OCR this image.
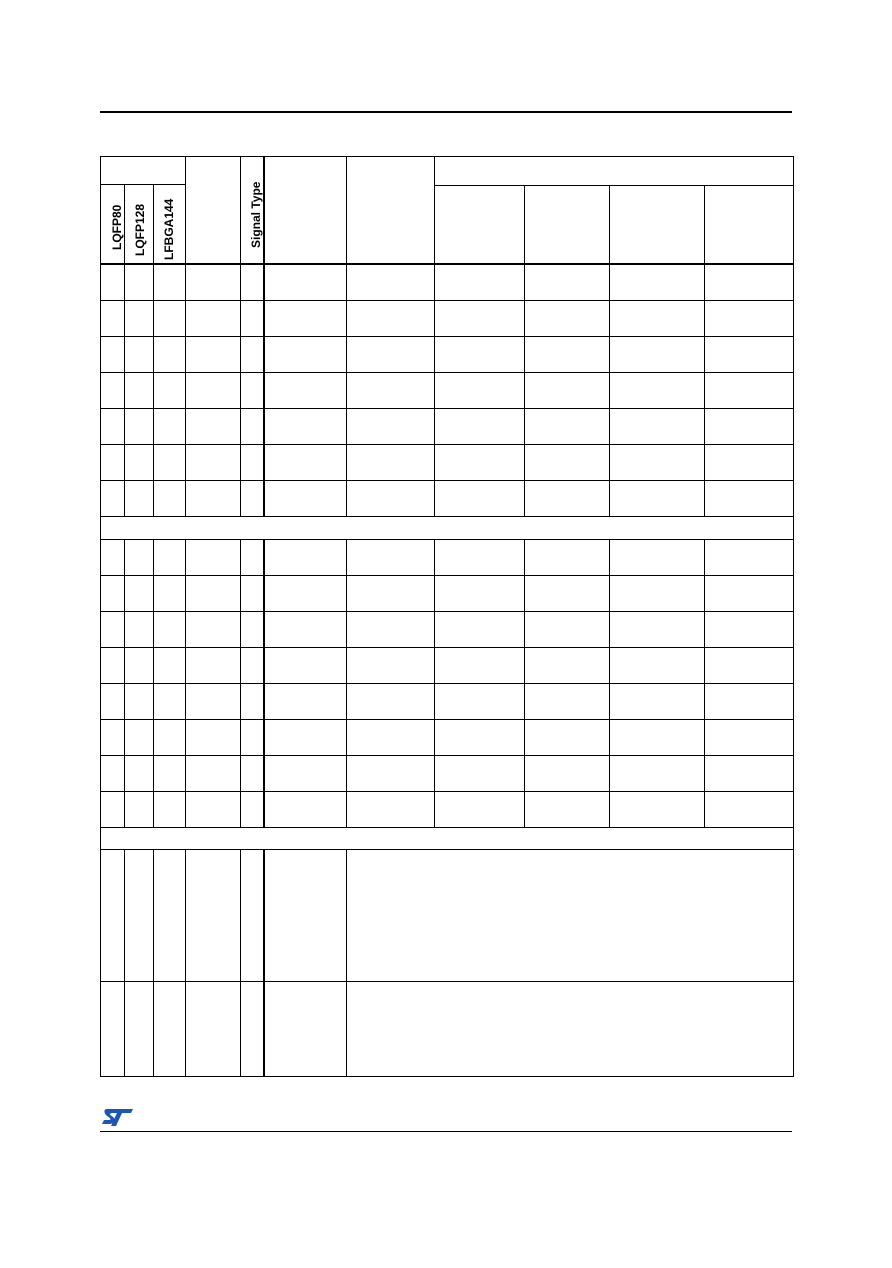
LQFP80 LQFP128 LFBGA144	Signal Type
